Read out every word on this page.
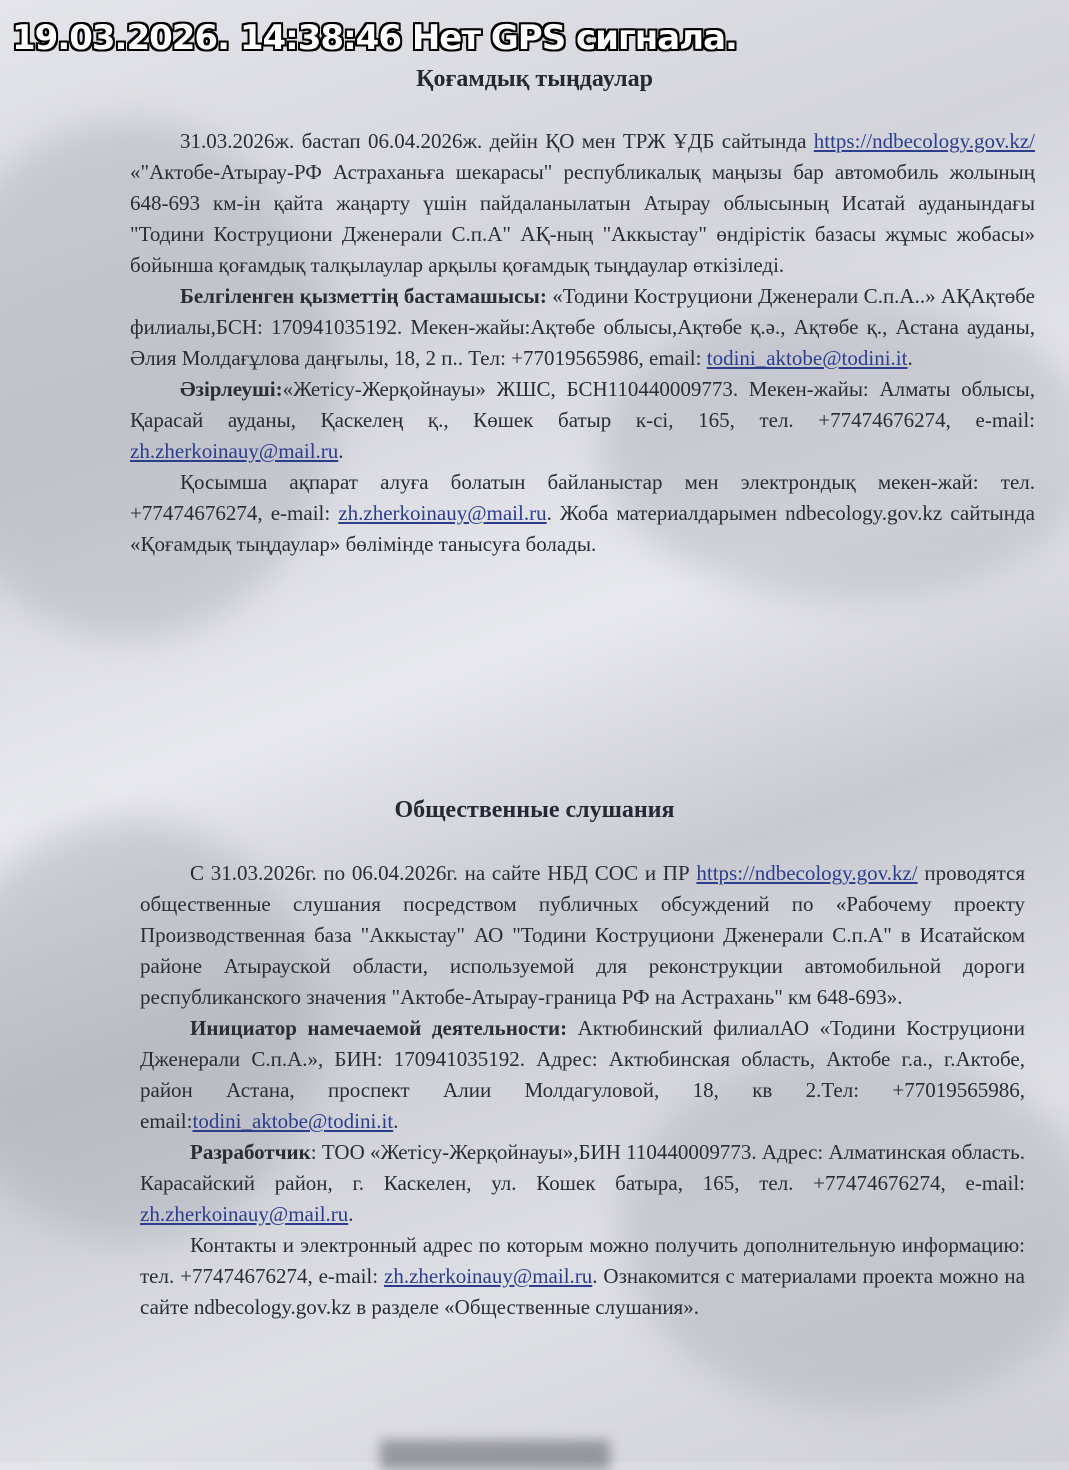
Қоғамдық тыңдаулар

31.03.2026ж. бастап 06.04.2026ж. дейін ҚО мен ТРЖ ҰДБ сайтында https://ndbecology.gov.kz/ «"Актобе-Атырау-РФ Астраханьға шекарасы" республикалық маңызы бар автомобиль жолының 648-693 км-ін қайта жаңарту үшін пайдаланылатын Атырау облысының Исатай ауданындағы "Тодини Коструциони Дженерали С.п.А" АҚ-ның "Аккыстау" өндірістік базасы жұмыс жобасы» бойынша қоғамдық талқылаулар арқылы қоғамдық тыңдаулар өткізіледі.

Белгіленген қызметтің бастамашысы: «Тодини Коструциони Дженерали С.п.А..» АҚАқтөбе филиалы,БСН: 170941035192. Мекен-жайы:Ақтөбе облысы,Ақтөбе қ.ә., Ақтөбе қ., Астана ауданы, Әлия Молдағұлова даңғылы, 18, 2 п.. Тел: +77019565986, email: todini_aktobe@todini.it.

Әзірлеуші:«Жетісу-Жерқойнауы» ЖШС, БСН110440009773. Мекен-жайы: Алматы облысы, Қарасай ауданы, Қаскелең қ., Көшек батыр к-сі, 165, тел. +77474676274, e-mail: zh.zherkoinauy@mail.ru.

Қосымша ақпарат алуға болатын байланыстар мен электрондық мекен-жай: тел. +77474676274, e-mail: zh.zherkoinauy@mail.ru. Жоба материалдарымен ndbecology.gov.kz сайтында «Қоғамдық тыңдаулар» бөлімінде танысуға болады.

Общественные слушания

С 31.03.2026г. по 06.04.2026г. на сайте НБД СОС и ПР https://ndbecology.gov.kz/ проводятся общественные слушания посредством публичных обсуждений по «Рабочему проекту Производственная база "Аккыстау" АО "Тодини Коструциони Дженерали С.п.А" в Исатайском районе Атырауской области, используемой для реконструкции автомобильной дороги республиканского значения "Актобе-Атырау-граница РФ на Астрахань" км 648-693».

Инициатор намечаемой деятельности: Актюбинский филиалАО «Тодини Коструциони Дженерали С.п.А.», БИН: 170941035192. Адрес: Актюбинская область, Актобе г.а., г.Актобе, район Астана, проспект Алии Молдагуловой, 18, кв 2.Тел: +77019565986, email:todini_aktobe@todini.it.

Разработчик: ТОО «Жетісу-Жерқойнауы»,БИН 110440009773. Адрес: Алматинская область. Карасайский район, г. Каскелен, ул. Кошек батыра, 165, тел. +77474676274, e-mail: zh.zherkoinauy@mail.ru.

Контакты и электронный адрес по которым можно получить дополнительную информацию: тел. +77474676274, e-mail: zh.zherkoinauy@mail.ru. Ознакомится с материалами проекта можно на сайте ndbecology.gov.kz в разделе «Общественные слушания».

19.03.2026. 14:38:46 Нет GPS сигнала.
